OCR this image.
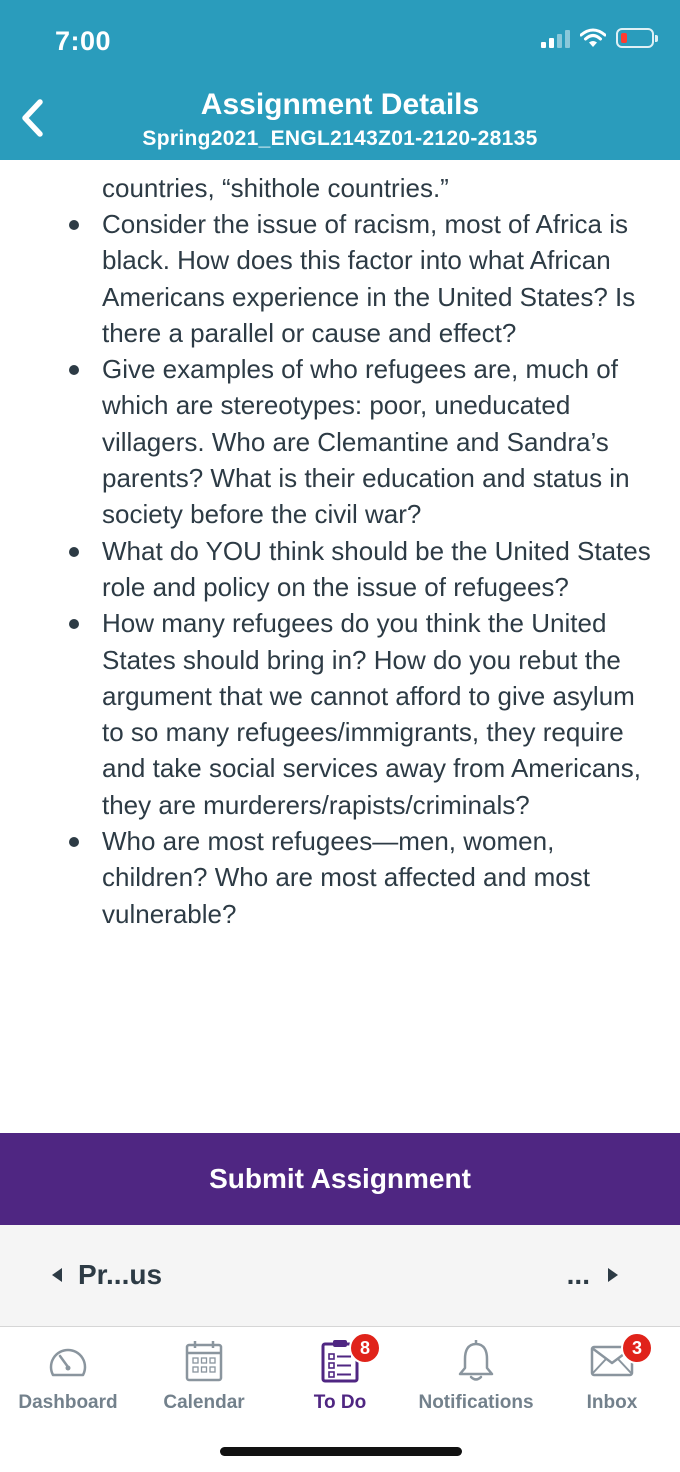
7:00
Assignment Details
Spring2021_ENGL2143Z01-2120-28135
countries, “shithole countries.”
Consider the issue of racism, most of Africa is black. How does this factor into what African Americans experience in the United States? Is there a parallel or cause and effect?
Give examples of who refugees are, much of which are stereotypes: poor, uneducated villagers. Who are Clemantine and Sandra’s parents? What is their education and status in society before the civil war?
What do YOU think should be the United States role and policy on the issue of refugees?
How many refugees do you think the United States should bring in? How do you rebut the argument that we cannot afford to give asylum to so many refugees/immigrants, they require and take social services away from Americans, they are murderers/rapists/criminals?
Who are most refugees—men, women, children? Who are most affected and most vulnerable?
Submit Assignment
Pr...us	...
Dashboard Calendar
8
To Do	Notifications
3
Inbox
